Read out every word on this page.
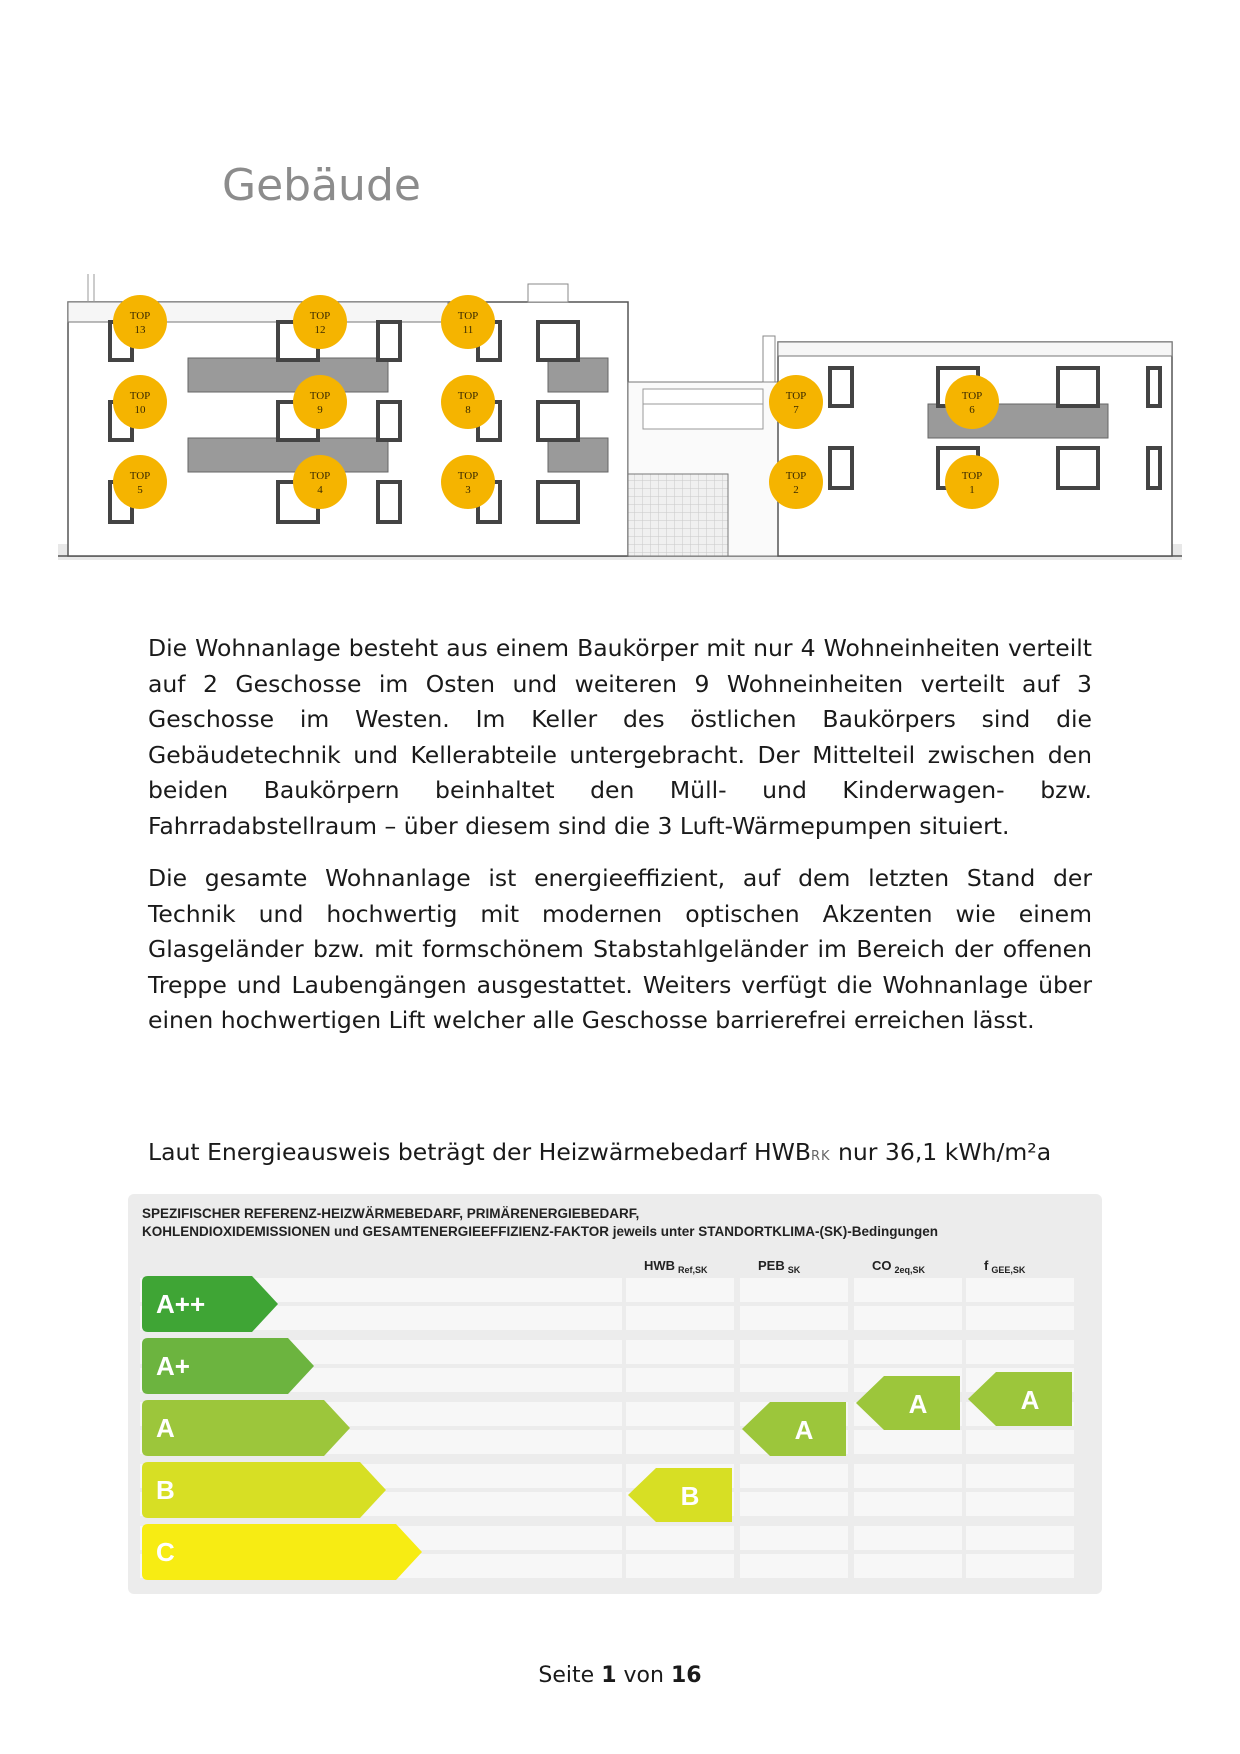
Gebäude
TOP
13
TOP
12
TOP
11
TOP
10
TOP
9
TOP
8
TOP
7
TOP
6
TOP
5
TOP
4
TOP
3
TOP
2
TOP
1

Die Wohnanlage besteht aus einem Baukörper mit nur 4 Wohneinheiten verteilt auf 2 Geschosse im Osten und weiteren 9 Wohneinheiten verteilt auf 3 Geschosse im Westen. Im Keller des östlichen Baukörpers sind die Gebäudetechnik und Kellerabteile untergebracht. Der Mittelteil zwischen den beiden Baukörpern beinhaltet den Müll- und Kinderwagen- bzw. Fahrradabstellraum – über diesem sind die 3 Luft-Wärmepumpen situiert.

Die gesamte Wohnanlage ist energieeffizient, auf dem letzten Stand der Technik und hochwertig mit modernen optischen Akzenten wie einem Glasgeländer bzw. mit formschönem Stabstahlgeländer im Bereich der offenen Treppe und Laubengängen ausgestattet. Weiters verfügt die Wohnanlage über einen hochwertigen Lift welcher alle Geschosse barrierefrei erreichen lässt.

Laut Energieausweis beträgt der Heizwärmebedarf HWBRK nur 36,1 kWh/m²a

SPEZIFISCHER REFERENZ-HEIZWÄRMEBEDARF, PRIMÄRENERGIEBEDARF,
KOHLENDIOXIDEMISSIONEN und GESAMTENERGIEEFFIZIENZ-FAKTOR jeweils unter STANDORTKLIMA-(SK)-Bedingungen
HWB $_{Ref,SK}$	PEB $_{SK}$	CO $_{2eq,SK}$	f $_{GEE,SK}$
A++
A+
A
B
C
B
A
A	A
Seite 1 von 16
